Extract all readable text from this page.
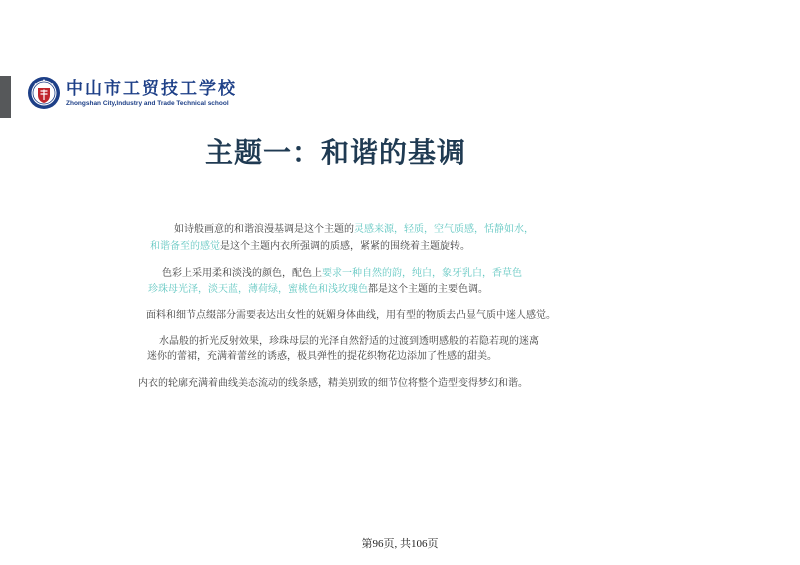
中山市工贸技工学校
Zhongshan City,Industry and Trade Technical school
主题一：和谐的基调
如诗般画意的和谐浪漫基调是这个主题的灵感来源，轻质，空气质感，恬静如水，
和谐备至的感觉是这个主题内衣所强调的质感，紧紧的围绕着主题旋转。
色彩上采用柔和淡浅的颜色，配色上要求一种自然的韵，纯白，象牙乳白，香草色
珍珠母光泽，淡天蓝，薄荷绿，蜜桃色和浅玫瑰色都是这个主题的主要色调。
面料和细节点缀部分需要表达出女性的妩媚身体曲线，用有型的物质去凸显气质中迷人感觉。
水晶般的折光反射效果，珍珠母层的光泽自然舒适的过渡到透明感般的若隐若现的迷离
迷你的蕾裙，充满着蕾丝的诱惑，极具弹性的提花织物花边添加了性感的甜美。
内衣的轮廓充满着曲线美态流动的线条感，精美别致的细节位将整个造型变得梦幻和谐。
第96页, 共106页
